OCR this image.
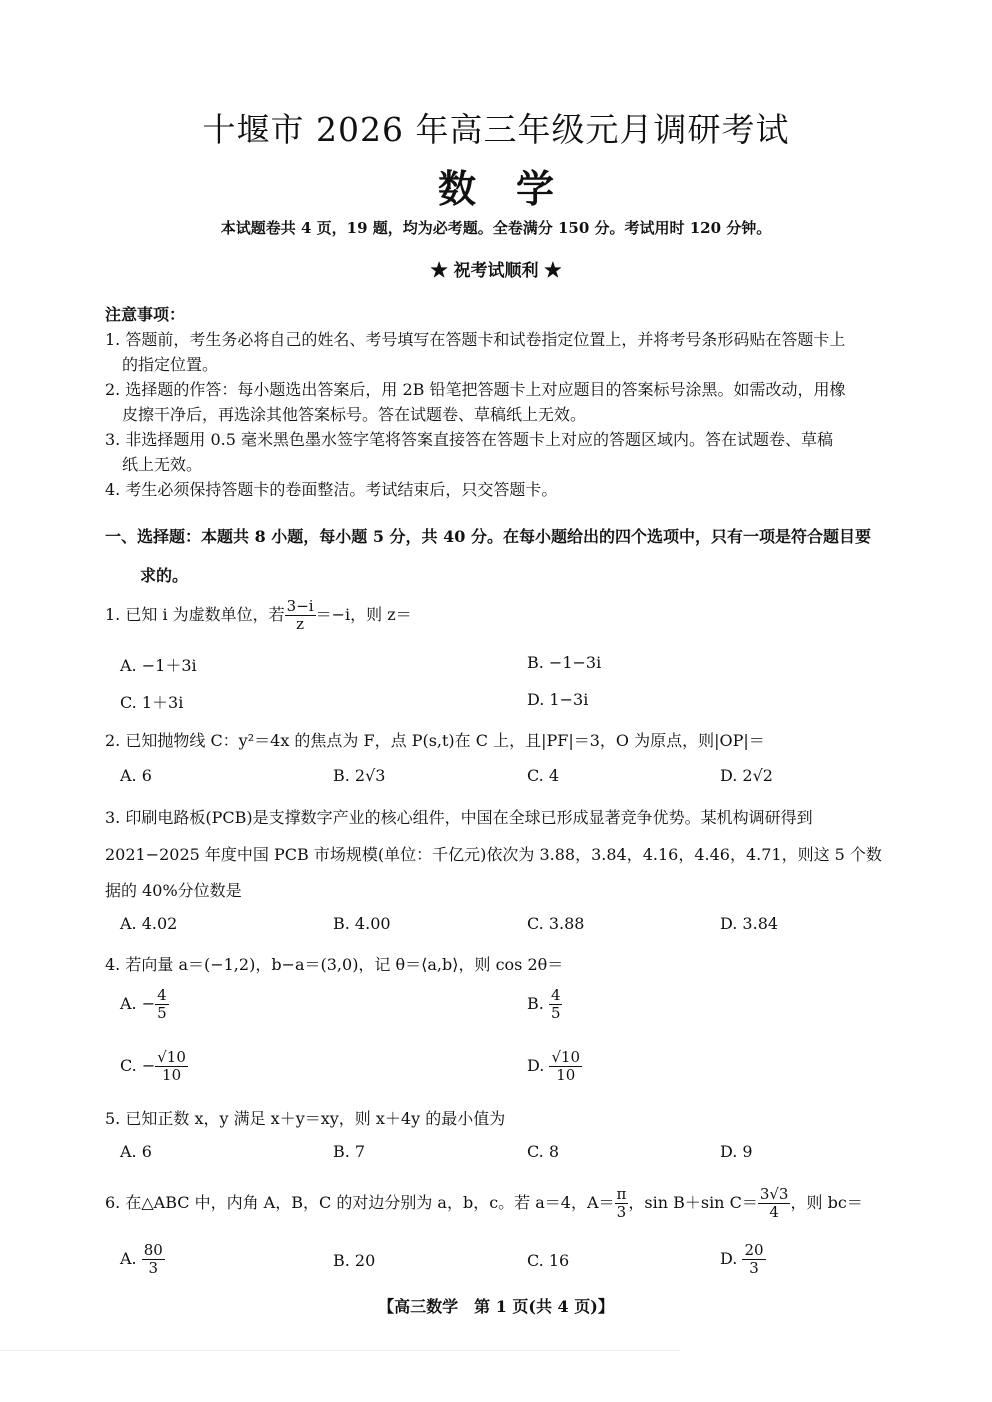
十堰市 2026 年高三年级元月调研考试
数学
本试题卷共 4 页，19 题，均为必考题。全卷满分 150 分。考试用时 120 分钟。
★ 祝考试顺利 ★
注意事项：
1. 答题前，考生务必将自己的姓名、考号填写在答题卡和试卷指定位置上，并将考号条形码贴在答题卡上
的指定位置。
2. 选择题的作答：每小题选出答案后，用 2B 铅笔把答题卡上对应题目的答案标号涂黑。如需改动，用橡
皮擦干净后，再选涂其他答案标号。答在试题卷、草稿纸上无效。
3. 非选择题用 0.5 毫米黑色墨水签字笔将答案直接答在答题卡上对应的答题区域内。答在试题卷、草稿
纸上无效。
4. 考生必须保持答题卡的卷面整洁。考试结束后，只交答题卡。
一、选择题：本题共 8 小题，每小题 5 分，共 40 分。在每小题给出的四个选项中，只有一项是符合题目要
求的。
1. 已知 i 为虚数单位，若 $\frac{3-i}{z} =-i$，则 z＝
A. −1＋3i	B. −1−3i
C. 1＋3i	D. 1−3i
2. 已知抛物线 C：y²＝4x 的焦点为 F，点 P(s,t)在 C 上，且|PF|＝3，O 为原点，则|OP|＝
A. 6	B. 2√3	C. 4	D. 2√2
3. 印刷电路板(PCB)是支撑数字产业的核心组件，中国在全球已形成显著竞争优势。某机构调研得到
2021−2025 年度中国 PCB 市场规模(单位：千亿元)依次为 3.88，3.84，4.16，4.46，4.71，则这 5 个数
据的 40%分位数是
A. 4.02	B. 4.00	C. 3.88	D. 3.84
4. 若向量 a＝(−1,2)，b−a＝(3,0)，记 θ＝⟨a,b⟩，则 cos 2θ＝
A. − $\frac{4}{5}$	B. $\frac{4}{5}$
C. − $\frac{√10}{10}$	D. $\frac{√10}{10}$
5. 已知正数 x，y 满足 x＋y＝xy，则 x＋4y 的最小值为
A. 6	B. 7	C. 8	D. 9
6. 在△ABC 中，内角 A，B，C 的对边分别为 a，b，c。若 a＝4，$A= \frac{\pi}{3}$ ，sin B＋sin $C= \frac{3√3}{4}$ ，则 bc＝
A. $\frac{80}{3}$	B. 20	C. 16	D. $\frac{20}{3}$
【高三数学　第 1 页(共 4 页)】
